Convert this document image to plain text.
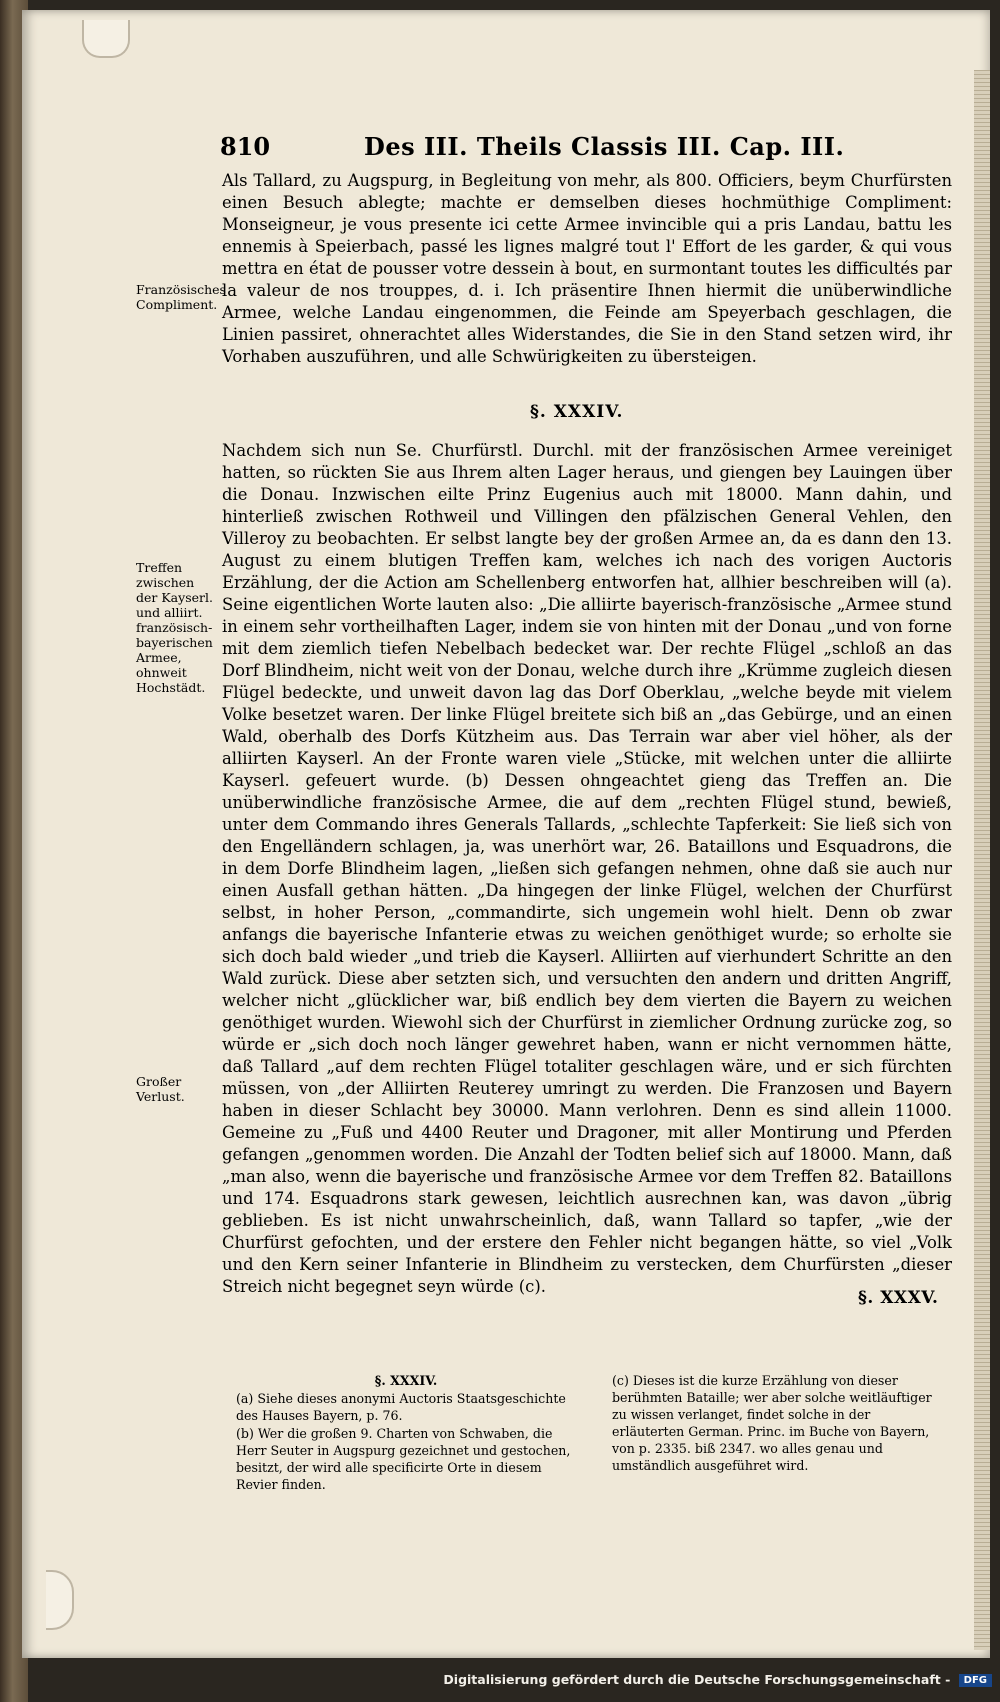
810	Des III. Theils Classis III. Cap. III.
Französisches Compliment.
Als Tallard, zu Augspurg, in Begleitung von mehr, als 800. Officiers, beym Churfürsten einen Besuch ablegte; machte er demselben dieses hochmüthige Compliment: Monseigneur, je vous presente ici cette Armee invincible qui a pris Landau, battu les ennemis à Speierbach, passé les lignes malgré tout l' Effort de les garder, & qui vous mettra en état de pousser votre dessein à bout, en surmontant toutes les difficultés par la valeur de nos trouppes, d. i. Ich präsentire Ihnen hiermit die unüberwindliche Armee, welche Landau eingenommen, die Feinde am Speyerbach geschlagen, die Linien passiret, ohnerachtet alles Widerstandes, die Sie in den Stand setzen wird, ihr Vorhaben auszuführen, und alle Schwürigkeiten zu übersteigen.
§. XXXIV.
Treffen zwischen der Kayserl. und alliirt. französisch-bayerischen Armee, ohnweit Hochstädt.
Großer Verlust.
Nachdem sich nun Se. Churfürstl. Durchl. mit der französischen Armee vereiniget hatten, so rückten Sie aus Ihrem alten Lager heraus, und giengen bey Lauingen über die Donau. Inzwischen eilte Prinz Eugenius auch mit 18000. Mann dahin, und hinterließ zwischen Rothweil und Villingen den pfälzischen General Vehlen, den Villeroy zu beobachten. Er selbst langte bey der großen Armee an, da es dann den 13. August zu einem blutigen Treffen kam, welches ich nach des vorigen Auctoris Erzählung, der die Action am Schellenberg entworfen hat, allhier beschreiben will (a). Seine eigentlichen Worte lauten also: „Die alliirte bayerisch-französische „Armee stund in einem sehr vortheilhaften Lager, indem sie von hinten mit der Donau „und von forne mit dem ziemlich tiefen Nebelbach bedecket war. Der rechte Flügel „schloß an das Dorf Blindheim, nicht weit von der Donau, welche durch ihre „Krümme zugleich diesen Flügel bedeckte, und unweit davon lag das Dorf Oberklau, „welche beyde mit vielem Volke besetzet waren. Der linke Flügel breitete sich biß an „das Gebürge, und an einen Wald, oberhalb des Dorfs Kützheim aus. Das Terrain war aber viel höher, als der alliirten Kayserl. An der Fronte waren viele „Stücke, mit welchen unter die alliirte Kayserl. gefeuert wurde. (b) Dessen ohngeachtet gieng das Treffen an. Die unüberwindliche französische Armee, die auf dem „rechten Flügel stund, bewieß, unter dem Commando ihres Generals Tallards, „schlechte Tapferkeit: Sie ließ sich von den Engelländern schlagen, ja, was unerhört war, 26. Bataillons und Esquadrons, die in dem Dorfe Blindheim lagen, „ließen sich gefangen nehmen, ohne daß sie auch nur einen Ausfall gethan hätten. „Da hingegen der linke Flügel, welchen der Churfürst selbst, in hoher Person, „commandirte, sich ungemein wohl hielt. Denn ob zwar anfangs die bayerische Infanterie etwas zu weichen genöthiget wurde; so erholte sie sich doch bald wieder „und trieb die Kayserl. Alliirten auf vierhundert Schritte an den Wald zurück. Diese aber setzten sich, und versuchten den andern und dritten Angriff, welcher nicht „glücklicher war, biß endlich bey dem vierten die Bayern zu weichen genöthiget wurden. Wiewohl sich der Churfürst in ziemlicher Ordnung zurücke zog, so würde er „sich doch noch länger gewehret haben, wann er nicht vernommen hätte, daß Tallard „auf dem rechten Flügel totaliter geschlagen wäre, und er sich fürchten müssen, von „der Alliirten Reuterey umringt zu werden. Die Franzosen und Bayern haben in dieser Schlacht bey 30000. Mann verlohren. Denn es sind allein 11000. Gemeine zu „Fuß und 4400 Reuter und Dragoner, mit aller Montirung und Pferden gefangen „genommen worden. Die Anzahl der Todten belief sich auf 18000. Mann, daß „man also, wenn die bayerische und französische Armee vor dem Treffen 82. Bataillons und 174. Esquadrons stark gewesen, leichtlich ausrechnen kan, was davon „übrig geblieben. Es ist nicht unwahrscheinlich, daß, wann Tallard so tapfer, „wie der Churfürst gefochten, und der erstere den Fehler nicht begangen hätte, so viel „Volk und den Kern seiner Infanterie in Blindheim zu verstecken, dem Churfürsten „dieser Streich nicht begegnet seyn würde (c).
§. XXXV.
§. XXXIV.
(a) Siehe dieses anonymi Auctoris Staatsgeschichte des Hauses Bayern, p. 76.
(b) Wer die großen 9. Charten von Schwaben, die Herr Seuter in Augspurg gezeichnet und gestochen, besitzt, der wird alle specificirte Orte in diesem Revier finden.
(c) Dieses ist die kurze Erzählung von dieser berühmten Bataille; wer aber solche weitläuftiger zu wissen verlanget, findet solche in der erläuterten German. Princ. im Buche von Bayern, von p. 2335. biß 2347. wo alles genau und umständlich ausgeführet wird.
Digitalisierung gefördert durch die Deutsche Forschungsgemeinschaft - DFG
